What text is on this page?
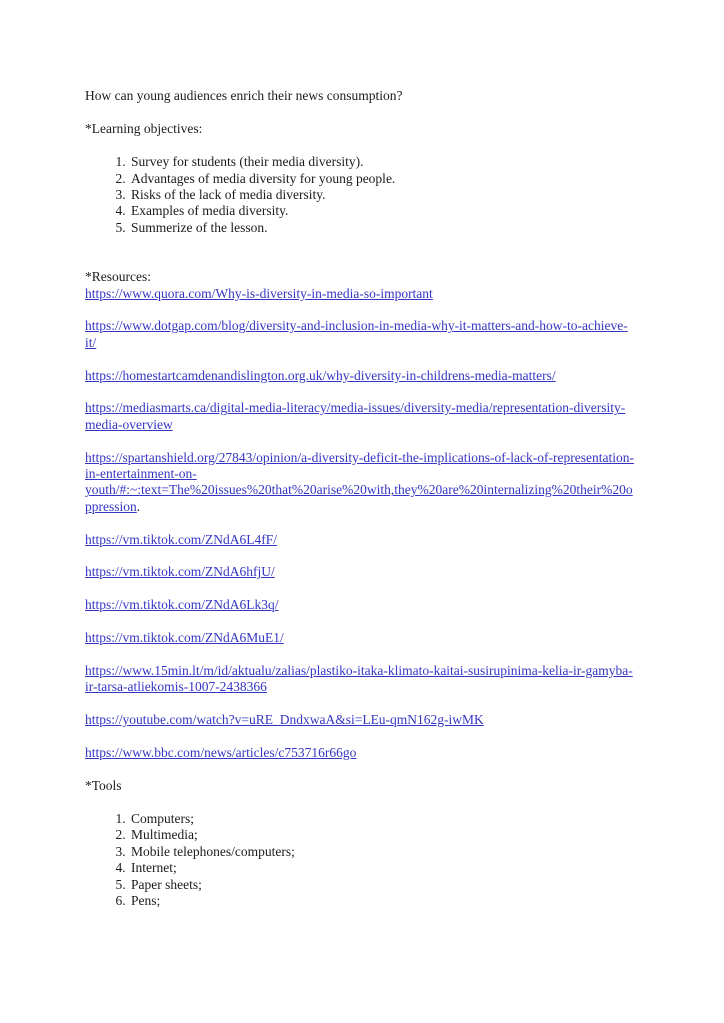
How can young audiences enrich their news consumption?

*Learning objectives:

1. Survey for students (their media diversity).
2. Advantages of media diversity for young people.
3. Risks of the lack of media diversity.
4. Examples of media diversity.
5. Summerize of the lesson.

*Resources:

https://www.quora.com/Why-is-diversity-in-media-so-important

https://www.dotgap.com/blog/diversity-and-inclusion-in-media-why-it-matters-and-how-to-achieve-it/

https://homestartcamdenandislington.org.uk/why-diversity-in-childrens-media-matters/

https://mediasmarts.ca/digital-media-literacy/media-issues/diversity-media/representation-diversity-media-overview

https://spartanshield.org/27843/opinion/a-diversity-deficit-the-implications-of-lack-of-representation-in-entertainment-on-youth/#:~:text=The%20issues%20that%20arise%20with,they%20are%20internalizing%20their%20oppression.

https://vm.tiktok.com/ZNdA6L4fF/

https://vm.tiktok.com/ZNdA6hfjU/

https://vm.tiktok.com/ZNdA6Lk3q/

https://vm.tiktok.com/ZNdA6MuE1/

https://www.15min.lt/m/id/aktualu/zalias/plastiko-itaka-klimato-kaitai-susirupinima-kelia-ir-gamyba-ir-tarsa-atliekomis-1007-2438366

https://youtube.com/watch?v=uRE_DndxwaA&si=LEu-qmN162g-iwMK

https://www.bbc.com/news/articles/c753716r66go

*Tools

1. Computers;
2. Multimedia;
3. Mobile telephones/computers;
4. Internet;
5. Paper sheets;
6. Pens;
